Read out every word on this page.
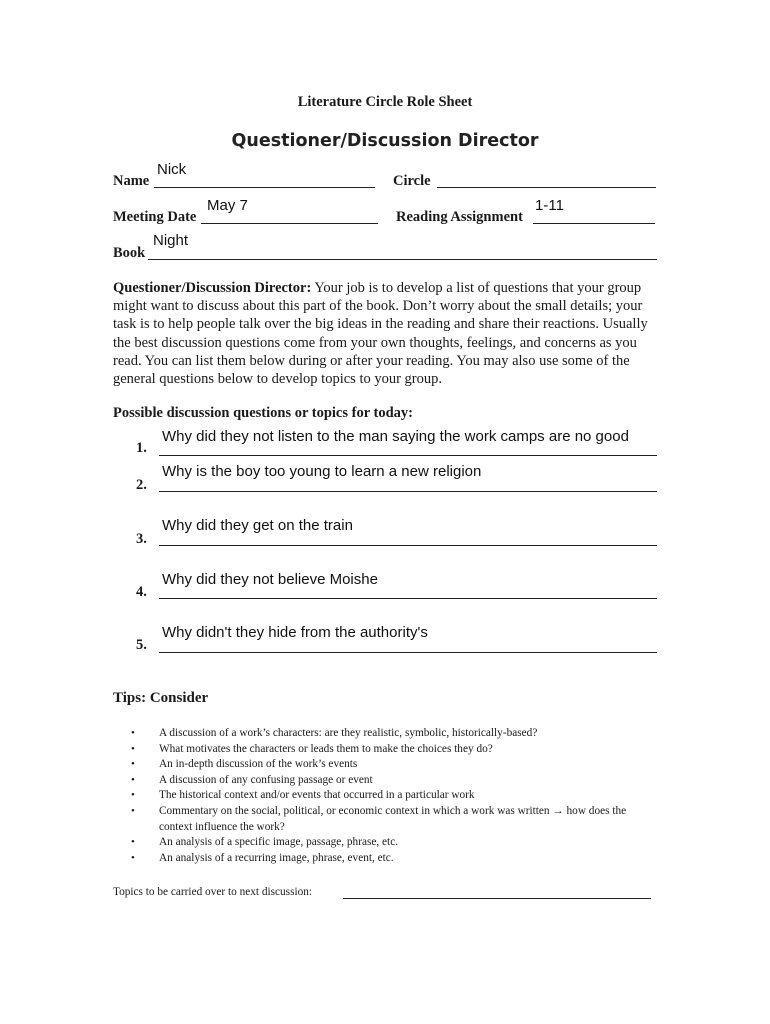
Literature Circle Role Sheet
Questioner/Discussion Director
Name
Nick
Circle
Meeting Date
May 7
Reading Assignment
1-11
Book
Night
Questioner/Discussion Director: Your job is to develop a list of questions that your group might want to discuss about this part of the book. Don’t worry about the small details; your task is to help people talk over the big ideas in the reading and share their reactions. Usually the best discussion questions come from your own thoughts, feelings, and concerns as you read. You can list them below during or after your reading. You may also use some of the general questions below to develop topics to your group.
Possible discussion questions or topics for today:
1.
Why did they not listen to the man saying the work camps are no good
2.
Why is the boy too young to learn a new religion
3.
Why did they get on the train
4.
Why did they not believe Moishe
5.
Why didn't they hide from the authority's
Tips: Consider
• A discussion of a work’s characters: are they realistic, symbolic, historically-based?
• What motivates the characters or leads them to make the choices they do?
• An in-depth discussion of the work’s events
• A discussion of any confusing passage or event
• The historical context and/or events that occurred in a particular work
• Commentary on the social, political, or economic context in which a work was written → how does the context influence the work?
• An analysis of a specific image, passage, phrase, etc.
• An analysis of a recurring image, phrase, event, etc.
Topics to be carried over to next discussion:
